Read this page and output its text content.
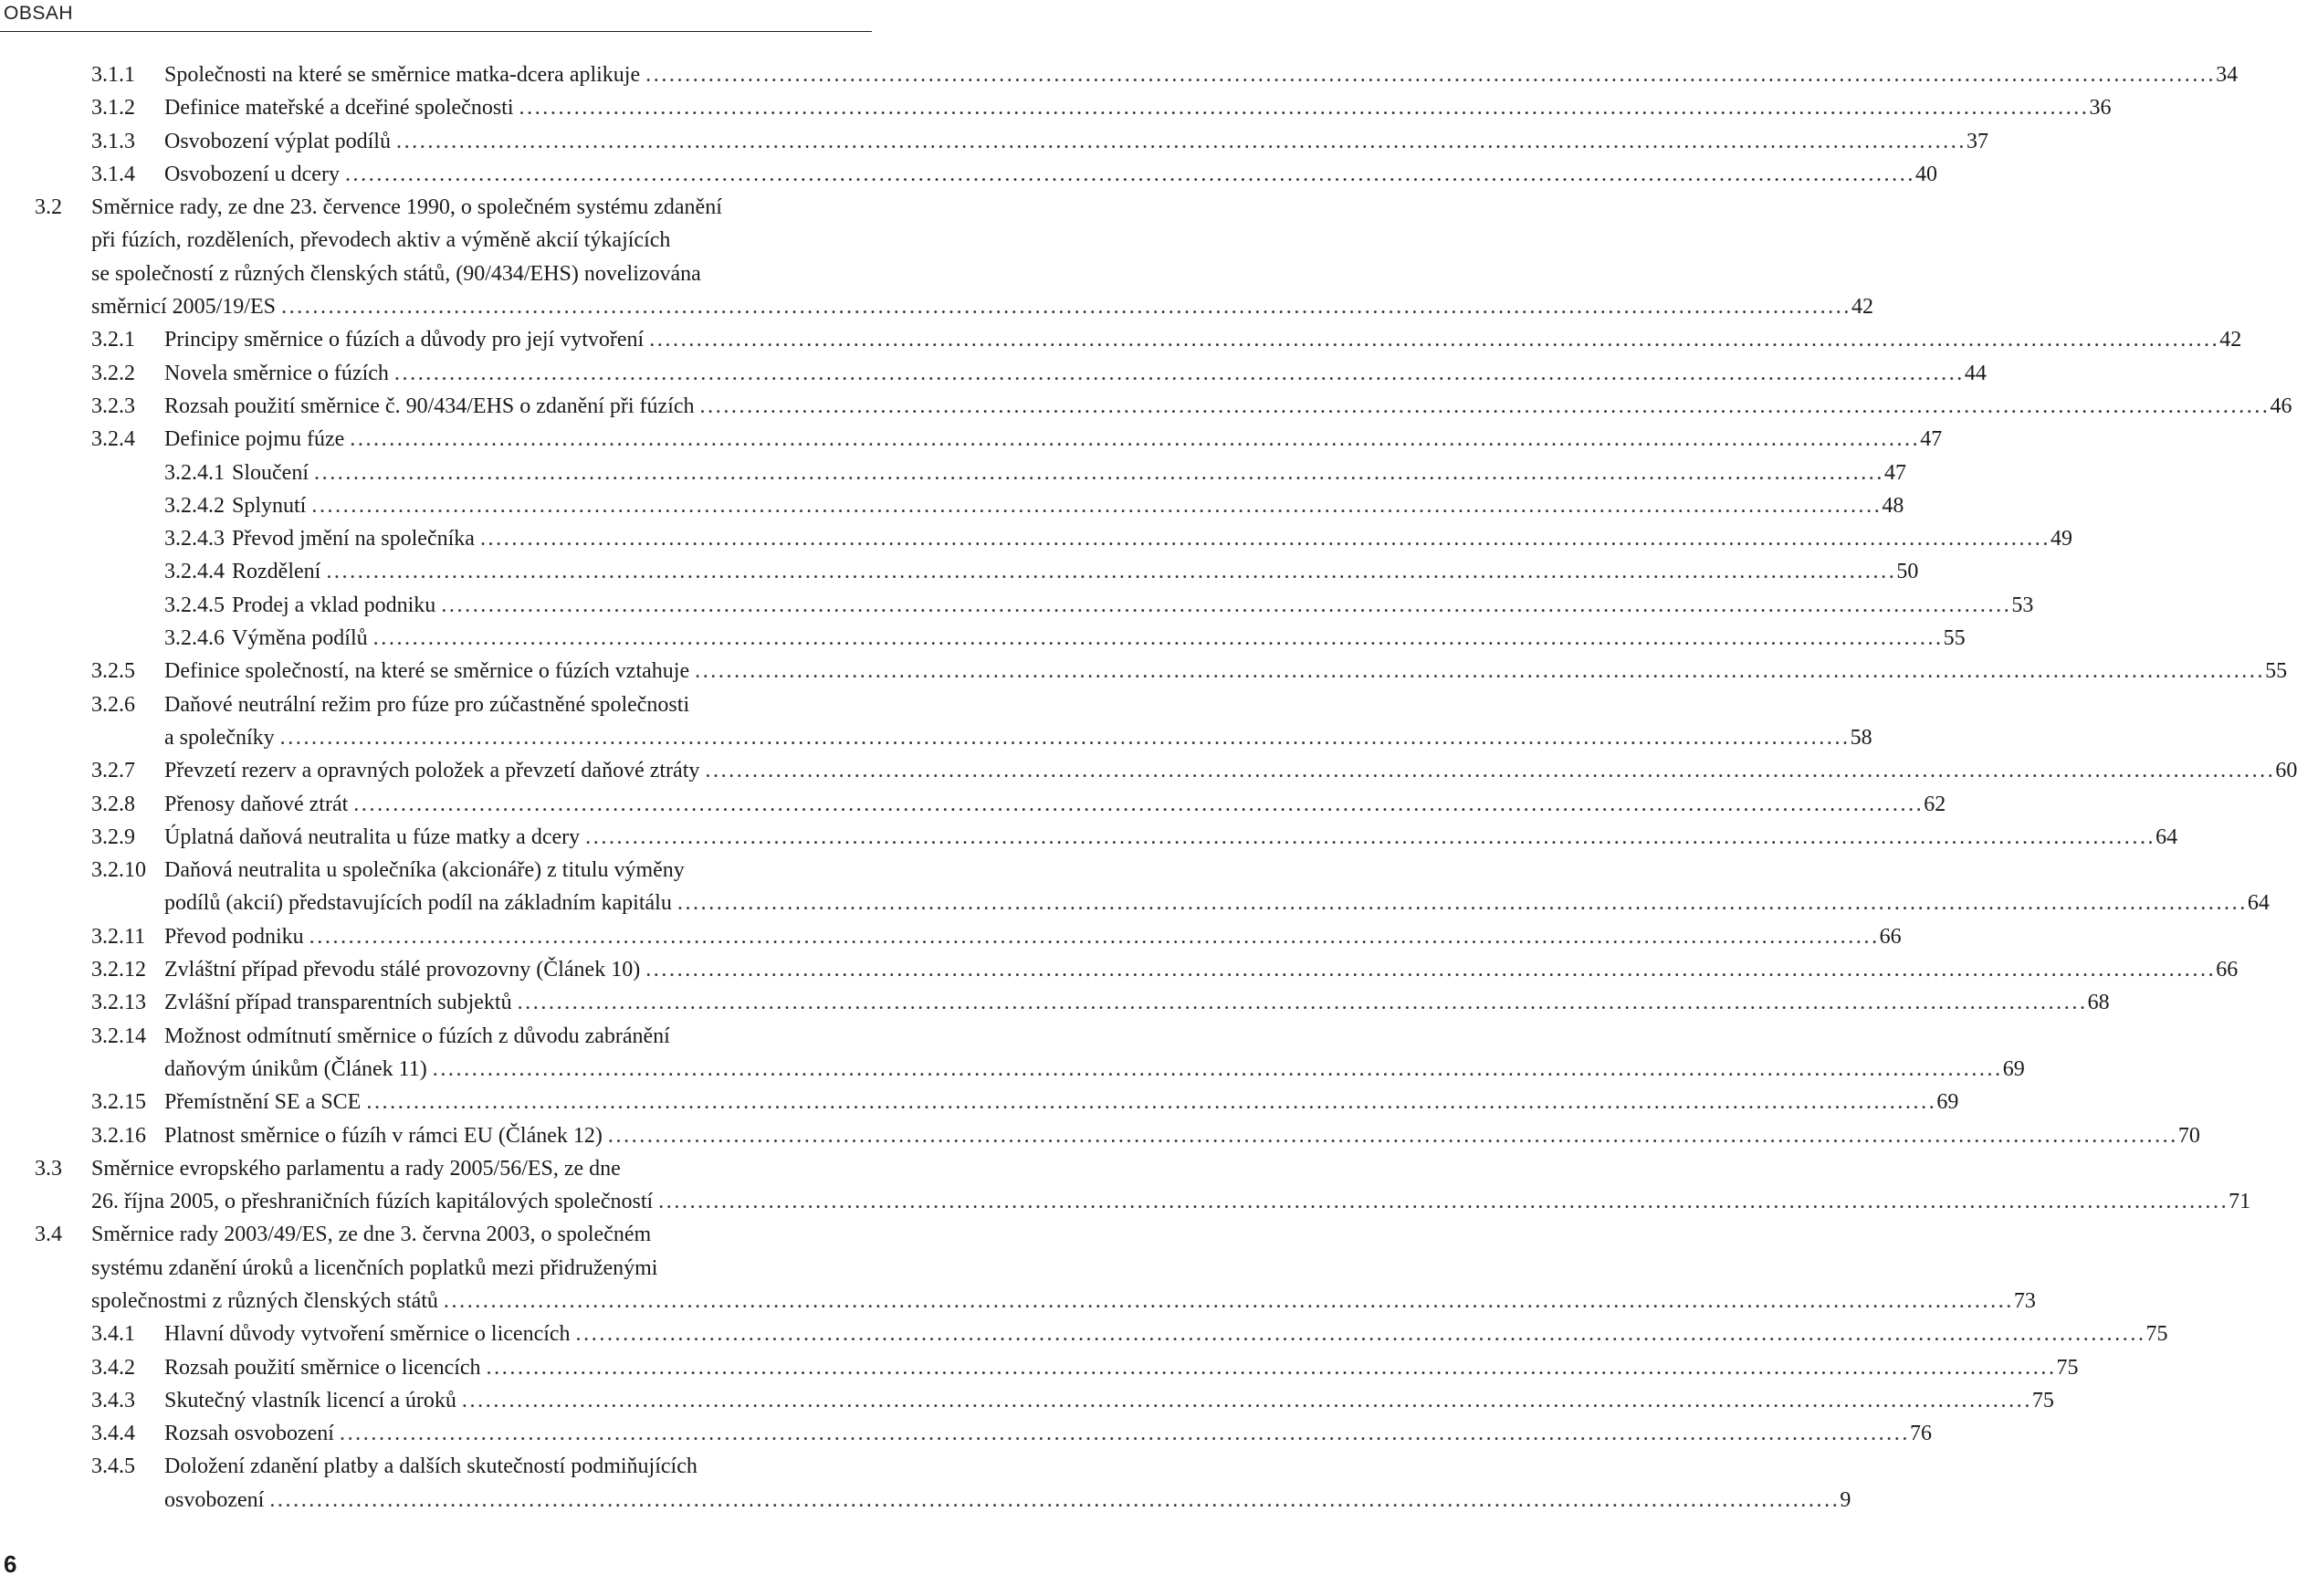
OBSAH
3.1.1 Společnosti na které se směrnice matka-dcera aplikuje ........................................................................................................................................................................................................ 34
3.1.2 Definice mateřské a dceřiné společnosti ........................................................................................................................................................................................................ 36
3.1.3 Osvobození výplat podílů ........................................................................................................................................................................................................ 37
3.1.4 Osvobození u dcery ........................................................................................................................................................................................................ 40
3.2 Směrnice rady, ze dne 23. července 1990, o společném systému zdanění
při fúzích, rozděleních, převodech aktiv a výměně akcií týkajících
se společností z různých členských států, (90/434/EHS) novelizována
směrnicí 2005/19/ES ........................................................................................................................................................................................................ 42
3.2.1 Principy směrnice o fúzích a důvody pro její vytvoření ........................................................................................................................................................................................................ 42
3.2.2 Novela směrnice o fúzích ........................................................................................................................................................................................................ 44
3.2.3 Rozsah použití směrnice č. 90/434/EHS o zdanění při fúzích ........................................................................................................................................................................................................ 46
3.2.4 Definice pojmu fúze ........................................................................................................................................................................................................ 47
3.2.4.1 Sloučení ........................................................................................................................................................................................................ 47
3.2.4.2 Splynutí ........................................................................................................................................................................................................ 48
3.2.4.3 Převod jmění na společníka ........................................................................................................................................................................................................ 49
3.2.4.4 Rozdělení ........................................................................................................................................................................................................ 50
3.2.4.5 Prodej a vklad podniku ........................................................................................................................................................................................................ 53
3.2.4.6 Výměna podílů ........................................................................................................................................................................................................ 55
3.2.5 Definice společností, na které se směrnice o fúzích vztahuje ........................................................................................................................................................................................................ 55
3.2.6 Daňové neutrální režim pro fúze pro zúčastněné společnosti
a společníky ........................................................................................................................................................................................................ 58
3.2.7 Převzetí rezerv a opravných položek a převzetí daňové ztráty ........................................................................................................................................................................................................ 60
3.2.8 Přenosy daňové ztrát ........................................................................................................................................................................................................ 62
3.2.9 Úplatná daňová neutralita u fúze matky a dcery ........................................................................................................................................................................................................ 64
3.2.10 Daňová neutralita u společníka (akcionáře) z titulu výměny
podílů (akcií) představujících podíl na základním kapitálu ........................................................................................................................................................................................................ 64
3.2.11 Převod podniku ........................................................................................................................................................................................................ 66
3.2.12 Zvláštní případ převodu stálé provozovny (Článek 10) ........................................................................................................................................................................................................ 66
3.2.13 Zvlášní případ transparentních subjektů ........................................................................................................................................................................................................ 68
3.2.14 Možnost odmítnutí směrnice o fúzích z důvodu zabránění
daňovým únikům (Článek 11) ........................................................................................................................................................................................................ 69
3.2.15 Přemístnění SE a SCE ........................................................................................................................................................................................................ 69
3.2.16 Platnost směrnice o fúzíh v rámci EU (Článek 12) ........................................................................................................................................................................................................ 70
3.3 Směrnice evropského parlamentu a rady 2005/56/ES, ze dne
26. října 2005, o přeshraničních fúzích kapitálových společností ........................................................................................................................................................................................................ 71
3.4 Směrnice rady 2003/49/ES, ze dne 3. června 2003, o společném
systému zdanění úroků a licenčních poplatků mezi přidruženými
společnostmi z různých členských států ........................................................................................................................................................................................................ 73
3.4.1 Hlavní důvody vytvoření směrnice o licencích ........................................................................................................................................................................................................ 75
3.4.2 Rozsah použití směrnice o licencích ........................................................................................................................................................................................................ 75
3.4.3 Skutečný vlastník licencí a úroků ........................................................................................................................................................................................................ 75
3.4.4 Rozsah osvobození ........................................................................................................................................................................................................ 76
3.4.5 Doložení zdanění platby a dalších skutečností podmiňujících
osvobození ........................................................................................................................................................................................................ 9
6
